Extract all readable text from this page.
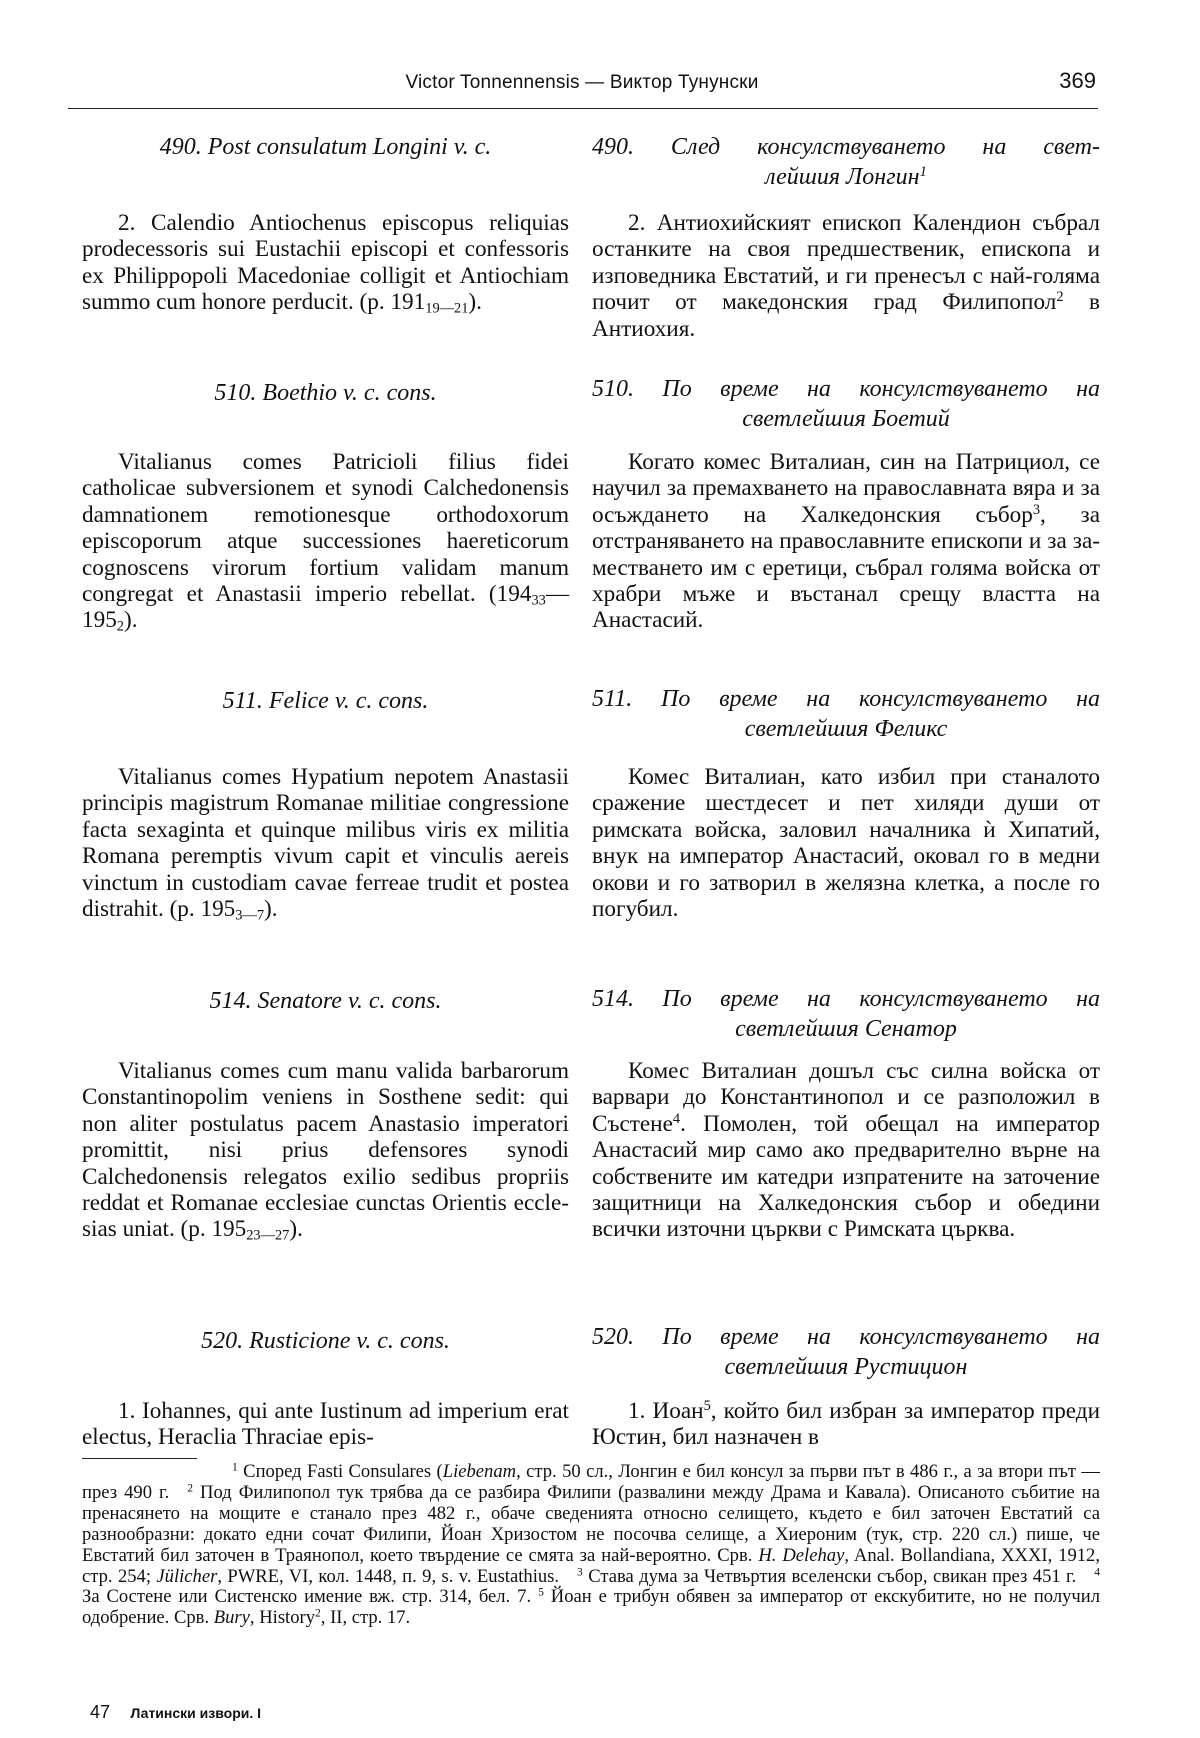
Victor Tonnennensis — Виктор Тунунски	369
490. Post consulatum Longini v. c.
2. Calendio Antiochenus episcopus reliquias prodecessoris sui Eustachii episcopi et confessoris ex Philippopoli Macedoniae colligit et Antiochiam summo cum honore perducit. (p. $191_{19—21}$).
510. Boethio v. c. cons.
Vitalianus comes Patricioli filius fidei catholicae subversionem et synodi Calchedonensis damnationem remotionesque orthodoxorum episcoporum atque successiones haereticorum cognoscens virorum fortium validam manum congregat et Anastasii imperio rebellat. $(194_{33}—195_2)$.
511. Felice v. c. cons.
Vitalianus comes Hypatium nepotem Anastasii principis magistrum Romanae militiae congressione facta sexaginta et quinque milibus viris ex militia Romana peremptis vivum capit et vinculis aereis vinctum in custodiam cavae ferreae trudit et postea distrahit. (p. $195_{3—7}$).
514. Senatore v. c. cons.
Vitalianus comes cum manu valida barbarorum Constantinopolim veniens in Sosthene sedit: qui non aliter postulatus pacem Anastasio imperatori promittit, nisi prius defensores synodi Calchedonensis relegatos exilio sedibus propriis reddat et Romanae ecclesiae cunctas Orientis ecclesias uniat. (p. $195_{23—27}$).
520. Rusticione v. c. cons.
1. Iohannes, qui ante Iustinum ad imperium erat electus, Heraclia Thraciae epis-
490. След консулствуването на свет-
лейшия Лонгин$^1$
2. Антиохийският епископ Календион събрал останките на своя предшественик, епископа и изповедника Евстатий, и ги пренесъл с най-голяма почит от македонския град Филипопол$^2$ в Антиохия.
510. По време на консулствуването на
светлейшия Боетий
Когато комес Виталиан, син на Патрициол, се научил за премахването на православната вяра и за осъждането на Халкедонския събор$^3$, за отстраняването на православните епископи и за заместването им с еретици, събрал голяма войска от храбри мъже и въстанал срещу властта на Анастасий.
511. По време на консулствуването на
светлейшия Феликс
Комес Виталиан, като избил при станалото сражение шестдесет и пет хиляди души от римската войска, заловил началника ѝ Хипатий, внук на император Анастасий, оковал го в медни окови и го затворил в желязна клетка, а после го погубил.
514. По време на консулствуването на
светлейшия Сенатор
Комес Виталиан дошъл със силна войска от варвари до Константинопол и се разположил в Състене$^4$. Помолен, той обещал на император Анастасий мир само ако предварително върне на собствените им катедри изпратените на заточение защитници на Халкедонския събор и обедини всички източни църкви с Римската църква.
520. По време на консулствуването на
светлейшия Рустицион
1. Иоан$^5$, който бил избран за император преди Юстин, бил назначен в
$^1$ Според Fasti Consulares (Liebenam, стр. 50 сл., Лонгин е бил консул за първи път в 486 г., а за втори път — през 490 г. $^2$ Под Филипопол тук трябва да се разбира Филипи (развалини между Драма и Кавала). Описаното събитие на пренасянето на мощите е станало през 482 г., обаче сведенията относно селището, където е бил заточен Евстатий са разнообразни: докато едни сочат Филипи, Йоан Хризостом не посочва селище, а Хиероним (тук, стр. 220 сл.) пише, че Евстатий бил заточен в Траянопол, което твърдение се смята за най-вероятно. Срв. H. Delehay, Anal. Bollandiana, XXXI, 1912, стр. 254; Jülicher, PWRE, VI, кол. 1448, п. 9, s. v. Eustathius. $^3$ Става дума за Четвъртия вселенски събор, свикан през 451 г. $^4$ За Состене или Систенско имение вж. стр. 314, бел. 7. $^5$ Йоан е трибун обявен за император от екскубитите, но не получил одобрение. Срв. Bury, History$^2$, II, стр. 17.
47 Латински извори. I
